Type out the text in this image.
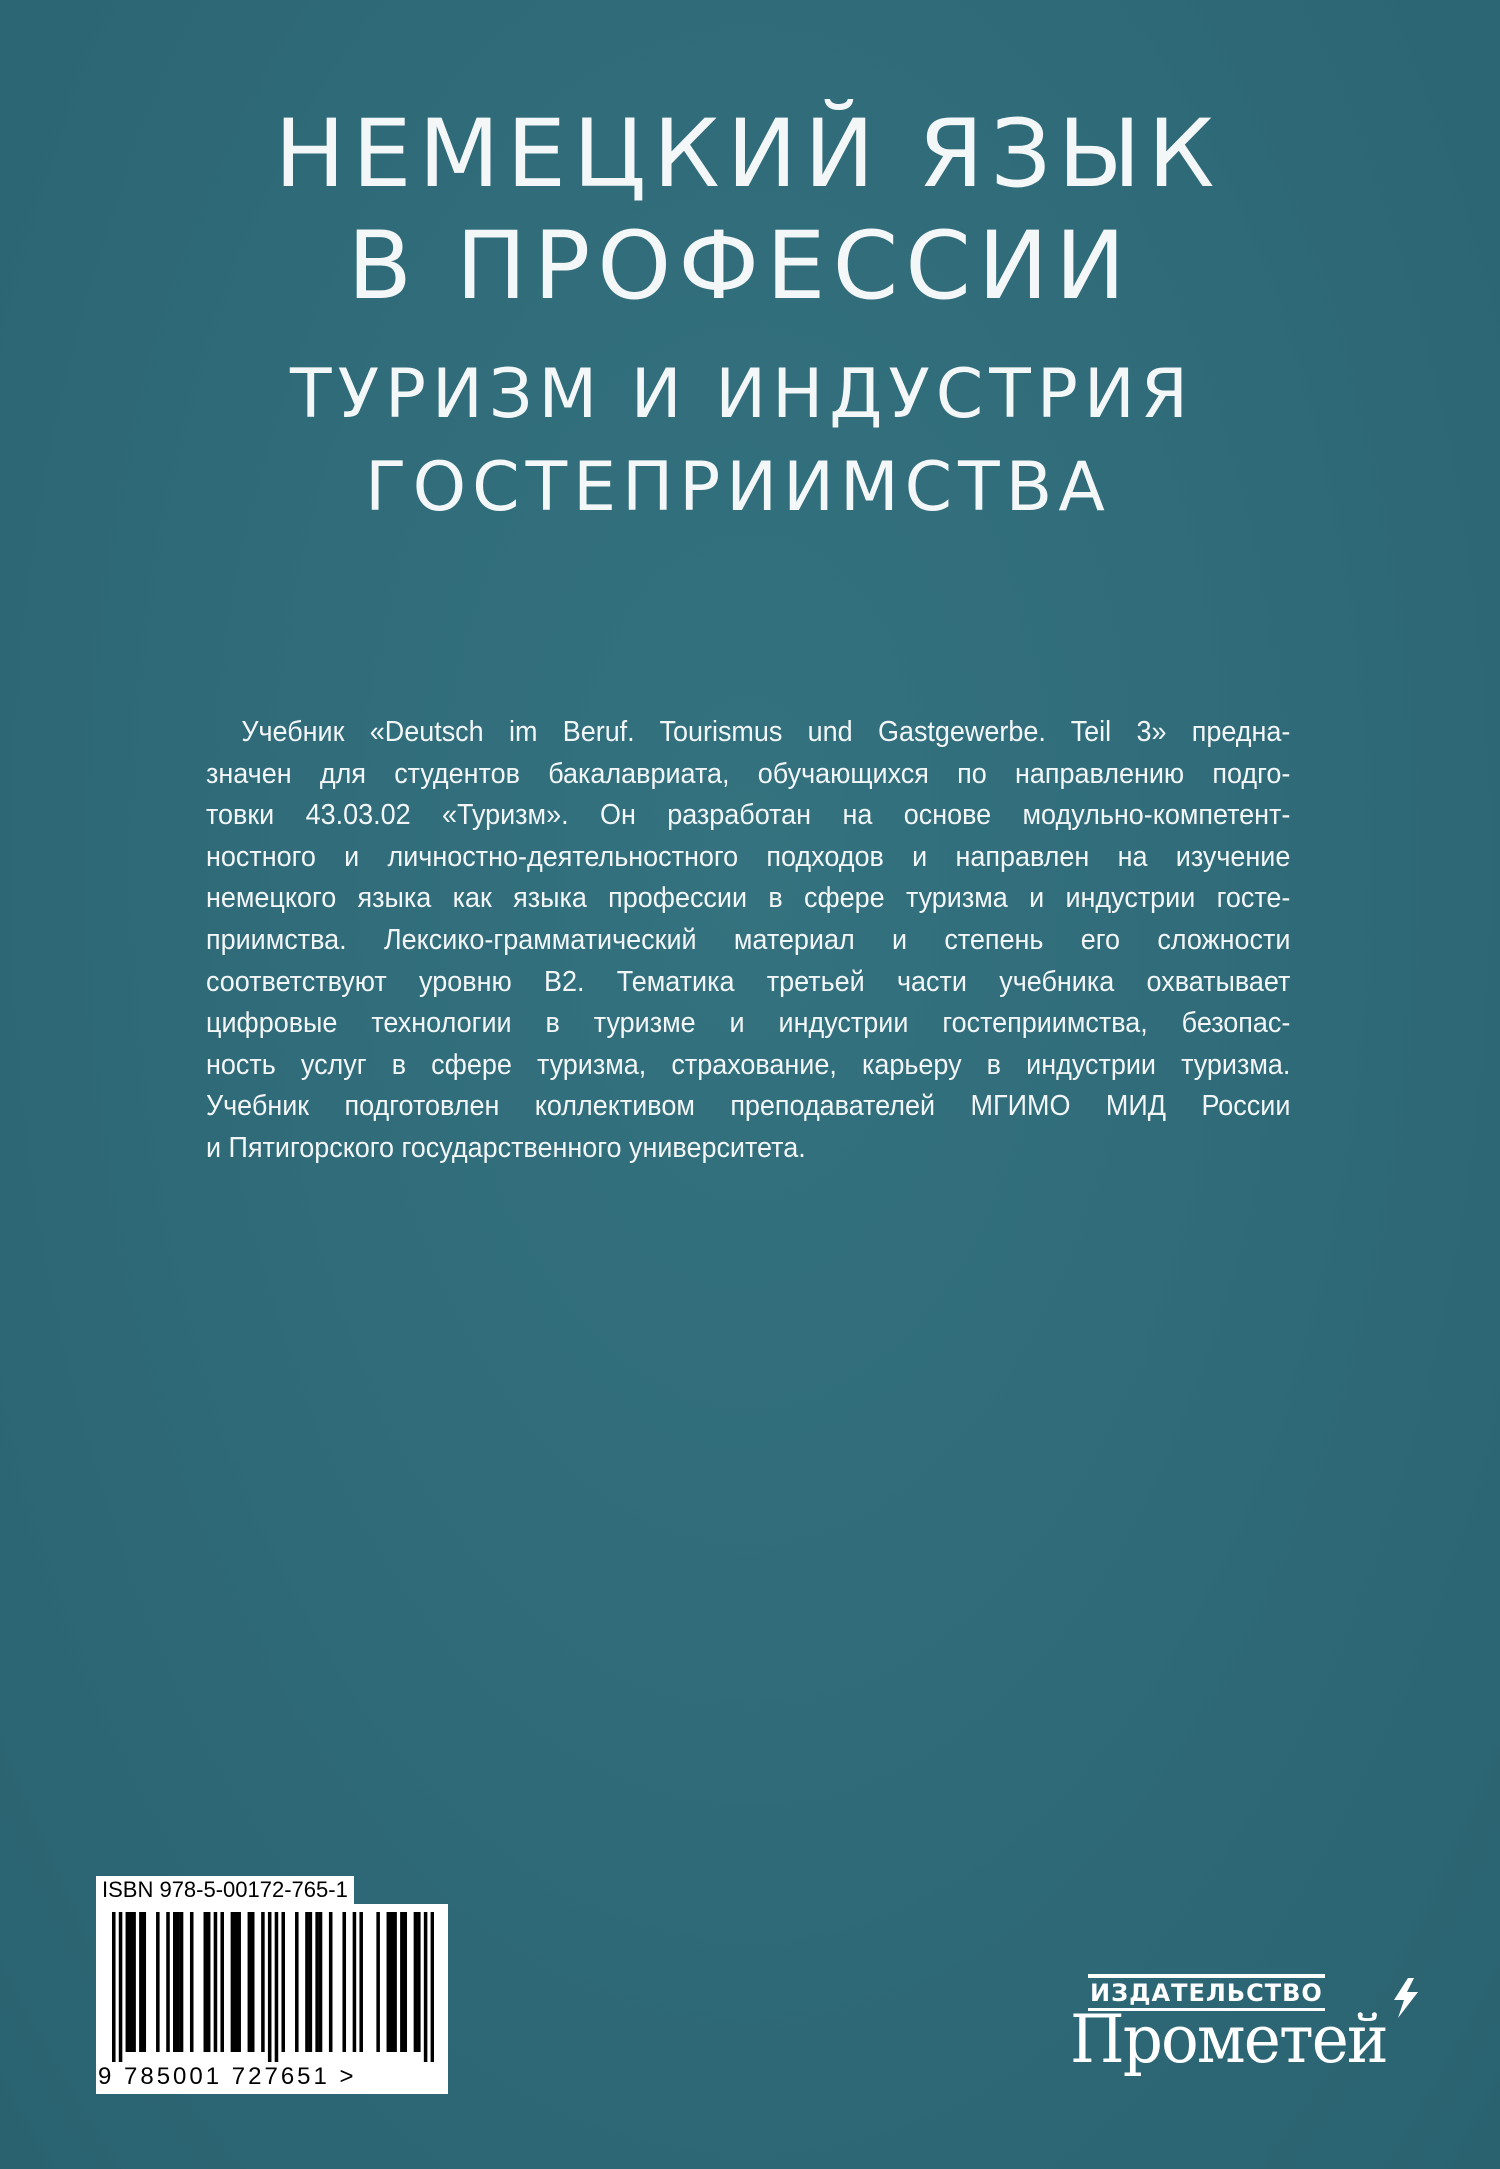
НЕМЕЦКИЙ ЯЗЫК
В ПРОФЕССИИ
ТУРИЗМ И ИНДУСТРИЯ
ГОСТЕПРИИМСТВА
Учебник «Deutsch im Beruf. Tourismus und Gastgewerbe. Teil 3» предна-
значен для студентов бакалавриата, обучающихся по направлению подго-
товки 43.03.02 «Туризм». Он разработан на основе модульно-компетент-
ностного и личностно-деятельностного подходов и направлен на изучение
немецкого языка как языка профессии в сфере туризма и индустрии госте-
приимства. Лексико-грамматический материал и степень его сложности
соответствуют уровню B2. Тематика третьей части учебника охватывает
цифровые технологии в туризме и индустрии гостеприимства, безопас-
ность услуг в сфере туризма, страхование, карьеру в индустрии туризма.
Учебник подготовлен коллективом преподавателей МГИМО МИД России
и Пятигорского государственного университета.
ISBN 978-5-00172-765-1
9 785001 727651 >
ИЗДАТЕЛЬСТВО
Прометей
